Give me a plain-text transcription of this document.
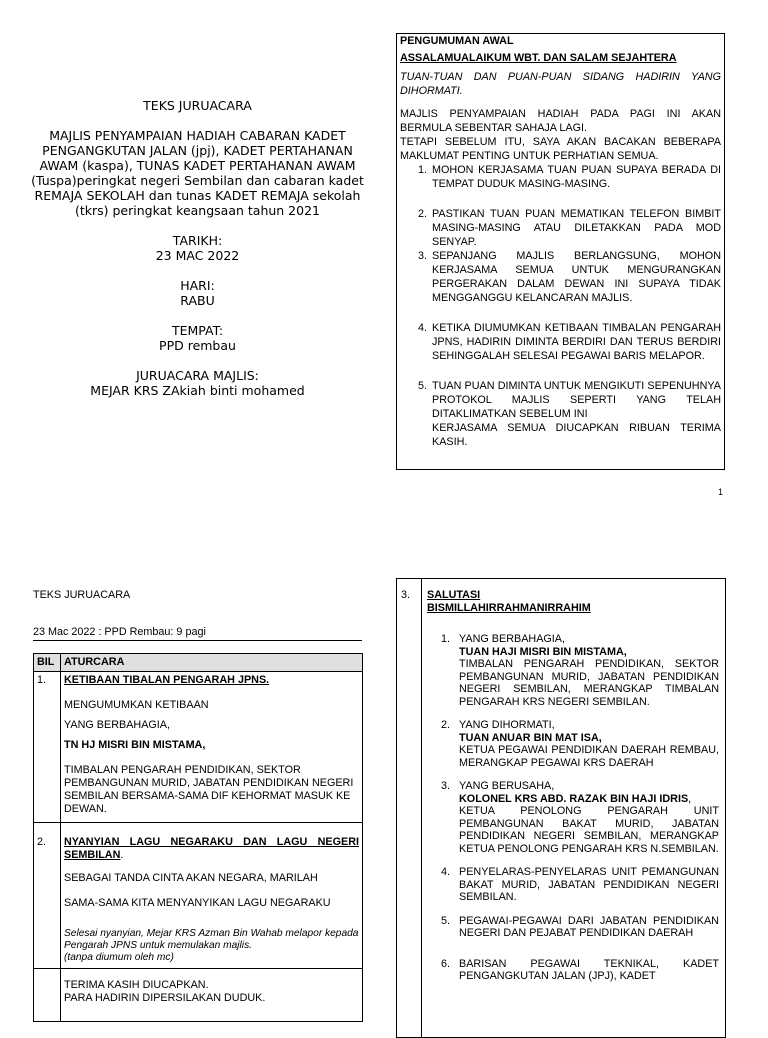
TEKS JURUACARA

MAJLIS PENYAMPAIAN HADIAH CABARAN KADET PENGANGKUTAN JALAN (jpj), KADET PERTAHANAN AWAM (kaspa), TUNAS KADET PERTAHANAN AWAM (Tuspa)peringkat negeri Sembilan dan cabaran kadet REMAJA SEKOLAH dan tunas KADET REMAJA sekolah (tkrs) peringkat keangsaan tahun 2021

TARIKH:

23 MAC 2022

HARI:

RABU

TEMPAT:

PPD rembau

JURUACARA MAJLIS:

MEJAR KRS ZAkiah binti mohamed

PENGUMUMAN AWAL

ASSALAMUALAIKUM WBT. DAN SALAM SEJAHTERA

TUAN-TUAN DAN PUAN-PUAN SIDANG HADIRIN YANG DIHORMATI.

MAJLIS PENYAMPAIAN HADIAH PADA PAGI INI AKAN BERMULA SEBENTAR SAHAJA LAGI.

TETAPI SEBELUM ITU, SAYA AKAN BACAKAN BEBERAPA MAKLUMAT PENTING UNTUK PERHATIAN SEMUA.

1. MOHON KERJASAMA TUAN PUAN SUPAYA BERADA DI TEMPAT DUDUK MASING-MASING.
2. PASTIKAN TUAN PUAN MEMATIKAN TELEFON BIMBIT MASING-MASING ATAU DILETAKKAN PADA MOD SENYAP.
3. SEPANJANG MAJLIS BERLANGSUNG, MOHON KERJASAMA SEMUA UNTUK MENGURANGKAN PERGERAKAN DALAM DEWAN INI SUPAYA TIDAK MENGGANGGU KELANCARAN MAJLIS.
4. KETIKA DIUMUMKAN KETIBAAN TIMBALAN PENGARAH JPNS, HADIRIN DIMINTA BERDIRI DAN TERUS BERDIRI SEHINGGALAH SELESAI PEGAWAI BARIS MELAPOR.
5. TUAN PUAN DIMINTA UNTUK MENGIKUTI SEPENUHNYA PROTOKOL MAJLIS SEPERTI YANG TELAH DITAKLIMATKAN SEBELUM INI

KERJASAMA SEMUA DIUCAPKAN RIBUAN TERIMA KASIH.

1
TEKS JURUACARA
23 Mac 2022 : PPD Rembau: 9 pagi
BIL	ATURCARA
1.	KETIBAAN TIBALAN PENGARAH JPNS.

MENGUMUMKAN KETIBAAN

YANG BERBAHAGIA,

TN HJ MISRI BIN MISTAMA,

TIMBALAN PENGARAH PENDIDIKAN, SEKTOR PEMBANGUNAN MURID, JABATAN PENDIDIKAN NEGERI SEMBILAN BERSAMA-SAMA DIF KEHORMAT MASUK KE DEWAN.

2.	NYANYIAN LAGU NEGARAKU DAN LAGU NEGERI SEMBILAN.

SEBAGAI TANDA CINTA AKAN NEGARA, MARILAH

SAMA-SAMA KITA MENYANYIKAN LAGU NEGARAKU

Selesai nyanyian, Mejar KRS Azman Bin Wahab melapor kepada Pengarah JPNS untuk memulakan majlis.

(tanpa diumum oleh mc)

	TERIMA KASIH DIUCAPKAN.

PARA HADIRIN DIPERSILAKAN DUDUK.

3. SALUTASI
BISMILLAHIRRAHMANIRRAHIM
1. YANG BERBAHAGIA,
TUAN HAJI MISRI BIN MISTAMA,
TIMBALAN PENGARAH PENDIDIKAN, SEKTOR PEMBANGUNAN MURID, JABATAN PENDIDIKAN NEGERI SEMBILAN, MERANGKAP TIMBALAN PENGARAH KRS NEGERI SEMBILAN.
2. YANG DIHORMATI,
TUAN ANUAR BIN MAT ISA,
KETUA PEGAWAI PENDIDIKAN DAERAH REMBAU, MERANGKAP PEGAWAI KRS DAERAH
3. YANG BERUSAHA,
KOLONEL KRS ABD. RAZAK BIN HAJI IDRIS,
KETUA PENOLONG PENGARAH UNIT PEMBANGUNAN BAKAT MURID, JABATAN PENDIDIKAN NEGERI SEMBILAN, MERANGKAP KETUA PENOLONG PENGARAH KRS N.SEMBILAN.
4. PENYELARAS-PENYELARAS UNIT PEMANGUNAN BAKAT MURID, JABATAN PENDIDIKAN NEGERI SEMBILAN.
5. PEGAWAI-PEGAWAI DARI JABATAN PENDIDIKAN NEGERI DAN PEJABAT PENDIDIKAN DAERAH
6. BARISAN PEGAWAI TEKNIKAL, KADET PENGANGKUTAN JALAN (JPJ), KADET
